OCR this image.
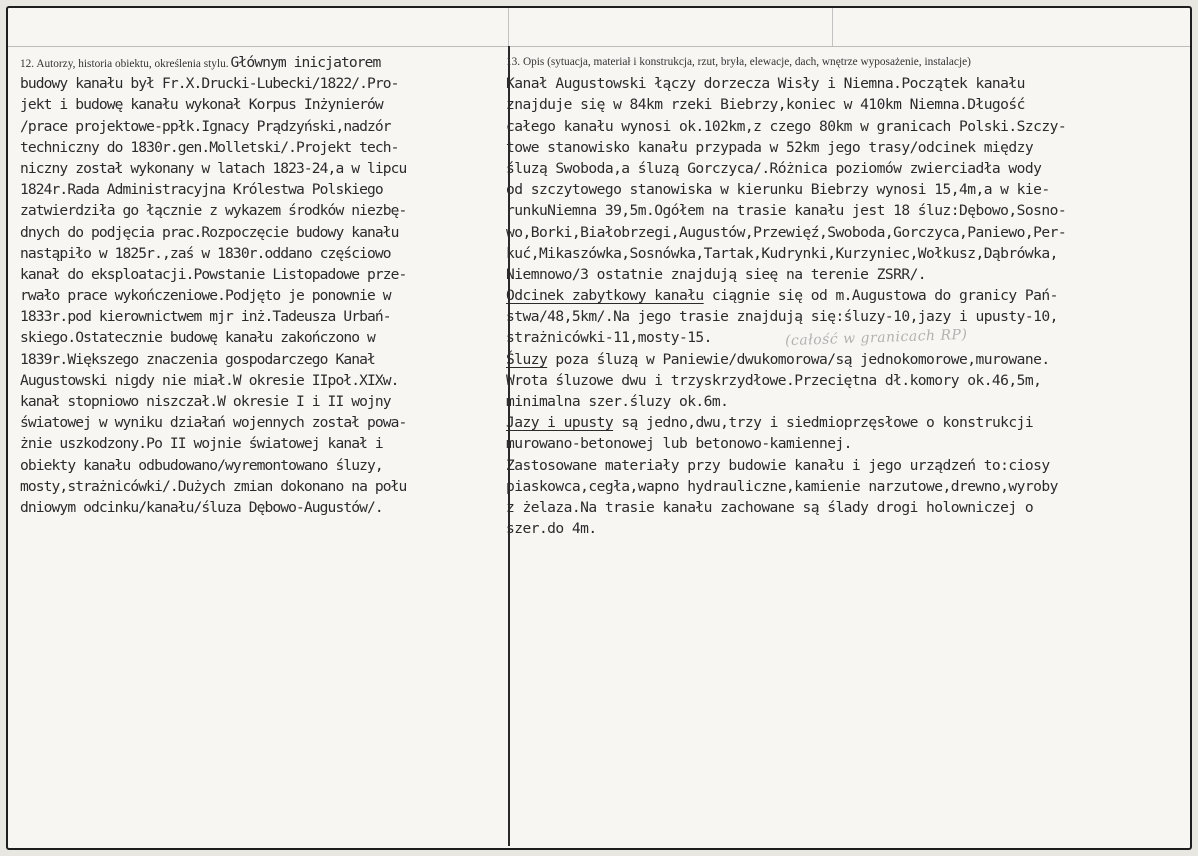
12. Autorzy, historia obiektu, określenia stylu. Głównym inicjatorem
budowy kanału był Fr.X.Drucki-Lubecki/1822/.Pro-
jekt i budowę kanału wykonał Korpus Inżynierów
/prace projektowe-ppłk.Ignacy Prądzyński,nadzór
techniczny do 1830r.gen.Molletski/.Projekt tech-
niczny został wykonany w latach 1823-24,a w lipcu
1824r.Rada Administracyjna Królestwa Polskiego
zatwierdziła go łącznie z wykazem środków niezbę-
dnych do podjęcia prac.Rozpoczęcie budowy kanału
nastąpiło w 1825r.,zaś w 1830r.oddano częściowo
kanał do eksploatacji.Powstanie Listopadowe prze-
rwało prace wykończeniowe.Podjęto je ponownie w
1833r.pod kierownictwem mjr inż.Tadeusza Urbań-
skiego.Ostatecznie budowę kanału zakończono w
1839r.Większego znaczenia gospodarczego Kanał
Augustowski nigdy nie miał.W okresie IIpoł.XIXw.
kanał stopniowo niszczał.W okresie I i II wojny
światowej w wyniku działań wojennych został powa-
żnie uszkodzony.Po II wojnie światowej kanał i
obiekty kanału odbudowano/wyremontowano śluzy,
mosty,strażnicówki/.Dużych zmian dokonano na połu
dniowym odcinku/kanału/śluza Dębowo-Augustów/.
13. Opis (sytuacja, materiał i konstrukcja, rzut, bryła, elewacje, dach, wnętrze wyposażenie, instalacje)
Kanał Augustowski łączy dorzecza Wisły i Niemna.Początek kanału
znajduje się w 84km rzeki Biebrzy,koniec w 410km Niemna.Długość
całego kanału wynosi ok.102km,z czego 80km w granicach Polski.Szczy-
towe stanowisko kanału przypada w 52km jego trasy/odcinek między
śluzą Swoboda,a śluzą Gorczyca/.Różnica poziomów zwierciadła wody
od szczytowego stanowiska w kierunku Biebrzy wynosi 15,4m,a w kie-
runkuNiemna 39,5m.Ogółem na trasie kanału jest 18 śluz:Dębowo,Sosno-
wo,Borki,Białobrzegi,Augustów,Przewięź,Swoboda,Gorczyca,Paniewo,Per-
kuć,Mikaszówka,Sosnówka,Tartak,Kudrynki,Kurzyniec,Wołkusz,Dąbrówka,
Niemnowo/3 ostatnie znajdują sieę na terenie ZSRR/.
Odcinek zabytkowy kanału ciągnie się od m.Augustowa do granicy Pań-
stwa/48,5km/.Na jego trasie znajdują się:śluzy-10,jazy i upusty-10,
strażnicówki-11,mosty-15.
Śluzy poza śluzą w Paniewie/dwukomorowa/są jednokomorowe,murowane.
Wrota śluzowe dwu i trzyskrzydłowe.Przeciętna dł.komory ok.46,5m,
minimalna szer.śluzy ok.6m.
Jazy i upusty są jedno,dwu,trzy i siedmioprzęsłowe o konstrukcji
murowano-betonowej lub betonowo-kamiennej.
Zastosowane materiały przy budowie kanału i jego urządzeń to:ciosy
piaskowca,cegła,wapno hydrauliczne,kamienie narzutowe,drewno,wyroby
z żelaza.Na trasie kanału zachowane są ślady drogi holowniczej o
szer.do 4m.
(całość w granicach RP)
